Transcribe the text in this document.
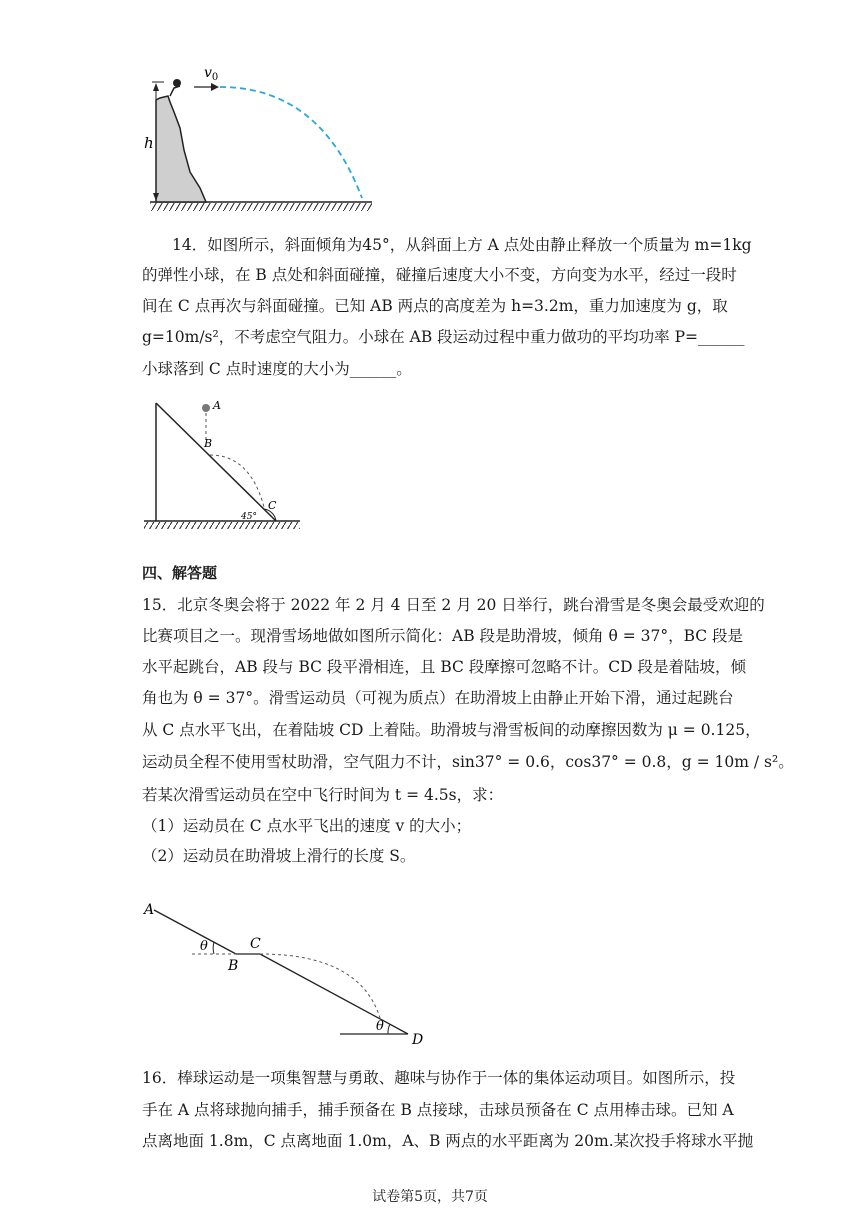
h
$v_0$
14．如图所示，斜面倾角为45°，从斜面上方 A 点处由静止释放一个质量为 m=1kg
的弹性小球，在 B 点处和斜面碰撞，碰撞后速度大小不变，方向变为水平，经过一段时
间在 C 点再次与斜面碰撞。已知 AB 两点的高度差为 h=3.2m，重力加速度为 g，取
g=10m/s²，不考虑空气阻力。小球在 AB 段运动过程中重力做功的平均功率 P=______
小球落到 C 点时速度的大小为______。
A
B
C
45°
四、解答题
15．北京冬奥会将于 2022 年 2 月 4 日至 2 月 20 日举行，跳台滑雪是冬奥会最受欢迎的
比赛项目之一。现滑雪场地做如图所示简化：AB 段是助滑坡，倾角 θ = 37°，BC 段是
水平起跳台，AB 段与 BC 段平滑相连，且 BC 段摩擦可忽略不计。CD 段是着陆坡，倾
角也为 θ = 37°。滑雪运动员（可视为质点）在助滑坡上由静止开始下滑，通过起跳台
从 C 点水平飞出，在着陆坡 CD 上着陆。助滑坡与滑雪板间的动摩擦因数为 μ = 0.125，
运动员全程不使用雪杖助滑，空气阻力不计，sin37° = 0.6，cos37° = 0.8，g = 10m / s²。
若某次滑雪运动员在空中飞行时间为 t = 4.5s，求：
（1）运动员在 C 点水平飞出的速度 v 的大小；
（2）运动员在助滑坡上滑行的长度 S。
A
θ
B
C
θ
D
16．棒球运动是一项集智慧与勇敢、趣味与协作于一体的集体运动项目。如图所示，投
手在 A 点将球抛向捕手，捕手预备在 B 点接球，击球员预备在 C 点用棒击球。已知 A
点离地面 1.8m，C 点离地面 1.0m，A、B 两点的水平距离为 20m.某次投手将球水平抛
试卷第5页，共7页
